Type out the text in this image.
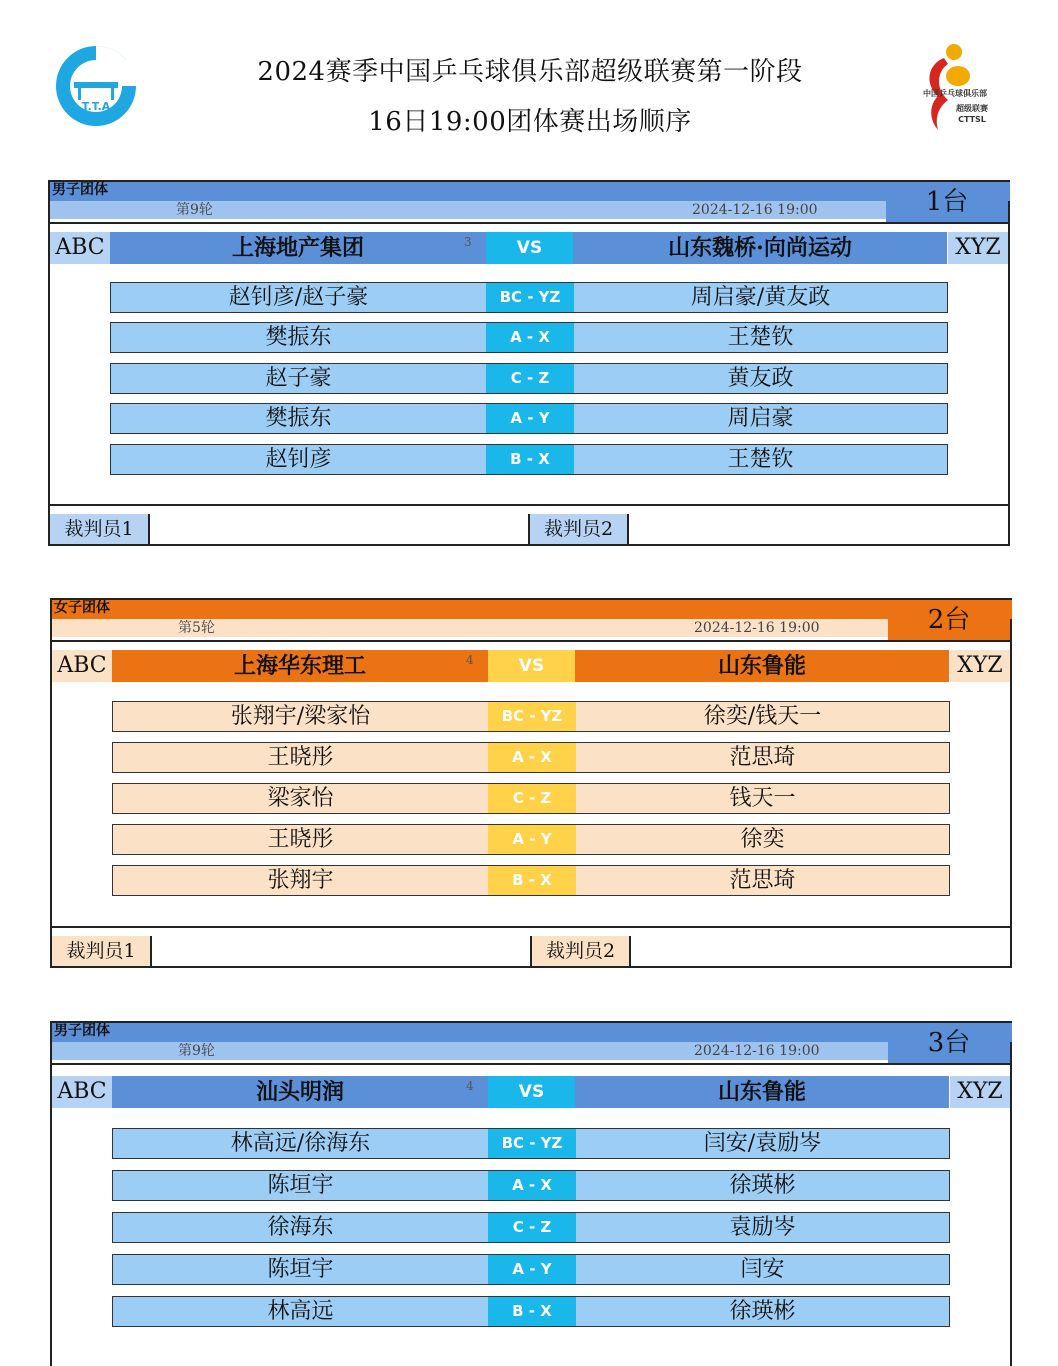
T.T.A
2024赛季中国乒乓球俱乐部超级联赛第一阶段
16日19:00团体赛出场顺序
中国乒乓球俱乐部
超级联赛
CTTSL
男子团体
第9轮	2024-12-16 19:00	1台
ABC	上海地产集团	3	VS	山东魏桥·向尚运动	XYZ
赵钊彦/赵子豪	BC - YZ	周启豪/黄友政
樊振东	A - X	王楚钦
赵子豪	C - Z	黄友政
樊振东	A - Y	周启豪
赵钊彦	B - X	王楚钦
裁判员1	裁判员2
女子团体
第5轮	2024-12-16 19:00	2台
ABC	上海华东理工	4	VS	山东鲁能	XYZ
张翔宇/梁家怡	BC - YZ	徐奕/钱天一
王晓彤	A - X	范思琦
梁家怡	C - Z	钱天一
王晓彤	A - Y	徐奕
张翔宇	B - X	范思琦
裁判员1	裁判员2
男子团体
第9轮	2024-12-16 19:00	3台
ABC	汕头明润	4	VS	山东鲁能	XYZ
林高远/徐海东	BC - YZ	闫安/袁励岑
陈垣宇	A - X	徐瑛彬
徐海东	C - Z	袁励岑
陈垣宇	A - Y	闫安
林高远	B - X	徐瑛彬
